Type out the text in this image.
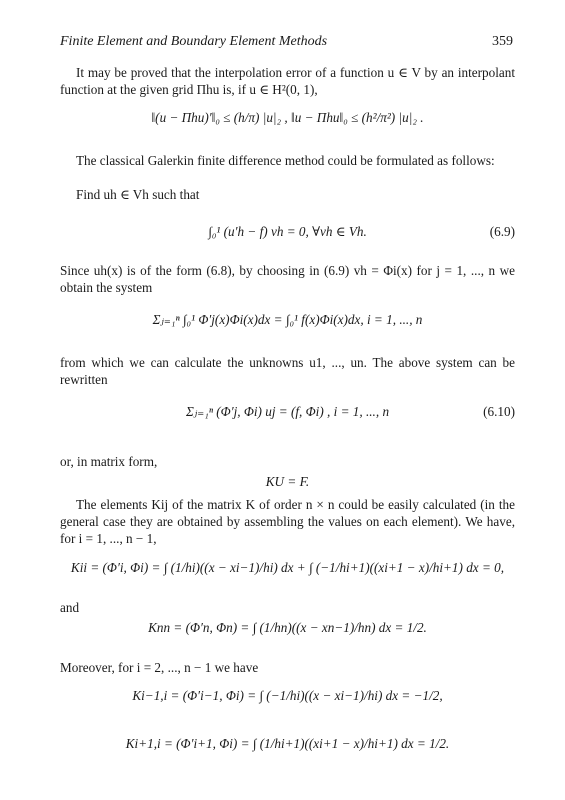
Finite Element and Boundary Element Methods	359
It may be proved that the interpolation error of a function u ∈ V by an interpolant function at the given grid Πhu is, if u ∈ H²(0, 1),
‖(u − Πhu)′‖₀ ≤ (h/π) |u|₂ , ‖u − Πhu‖₀ ≤ (h²/π²) |u|₂ .
The classical Galerkin finite difference method could be formulated as follows:
Find uh ∈ Vh such that
∫₀¹ (u′h − f) vh = 0, ∀vh ∈ Vh.	(6.9)
Since uh(x) is of the form (6.8), by choosing in (6.9) vh = Φi(x) for j = 1, ..., n we obtain the system
Σⱼ₌₁ⁿ ∫₀¹ Φ′j(x)Φi(x)dx = ∫₀¹ f(x)Φi(x)dx, i = 1, ..., n
from which we can calculate the unknowns u1, ..., un. The above system can be rewritten
Σⱼ₌₁ⁿ (Φ′j, Φi) uj = (f, Φi) , i = 1, ..., n	(6.10)
or, in matrix form,
KU = F.
The elements Kij of the matrix K of order n × n could be easily calculated (in the general case they are obtained by assembling the values on each element). We have, for i = 1, ..., n − 1,
Kii = (Φ′i, Φi) = ∫ (1/hi)((x − xi−1)/hi) dx + ∫ (−1/hi+1)((xi+1 − x)/hi+1) dx = 0,
and
Knn = (Φ′n, Φn) = ∫ (1/hn)((x − xn−1)/hn) dx = 1/2.
Moreover, for i = 2, ..., n − 1 we have
Ki−1,i = (Φ′i−1, Φi) = ∫ (−1/hi)((x − xi−1)/hi) dx = −1/2,
Ki+1,i = (Φ′i+1, Φi) = ∫ (1/hi+1)((xi+1 − x)/hi+1) dx = 1/2.
